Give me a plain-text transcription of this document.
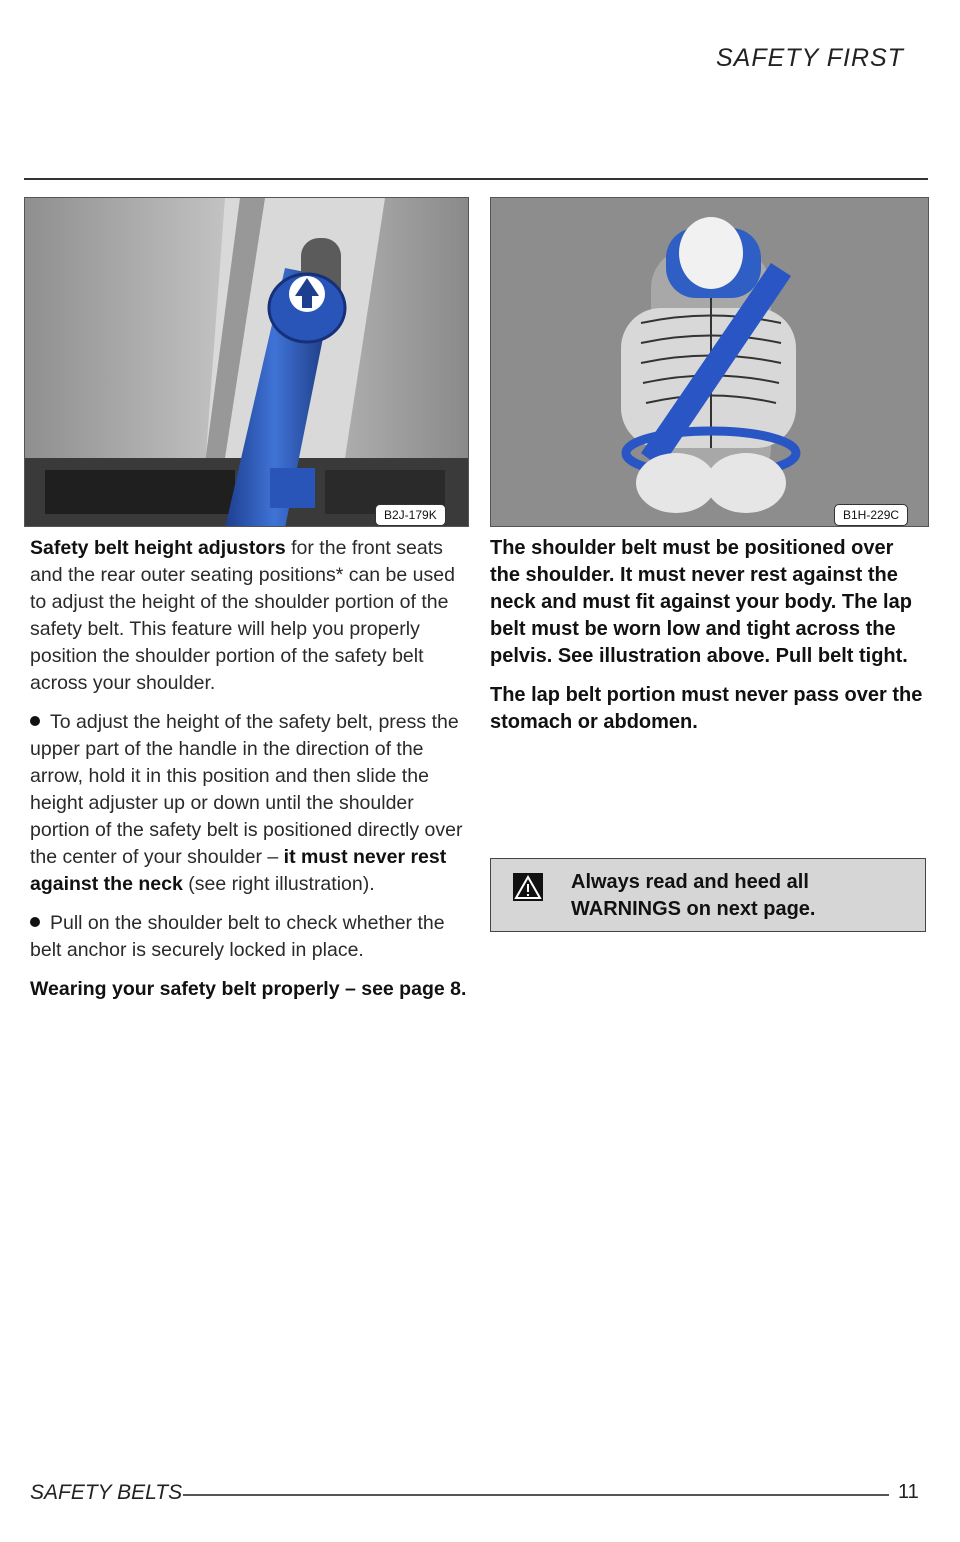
SAFETY FIRST
B2J-179K	B1H-229C

Safety belt height adjustors for the front seats and the rear outer seating positions* can be used to adjust the height of the shoulder portion of the safety belt. This feature will help you properly position the shoulder portion of the safety belt across your shoulder.

To adjust the height of the safety belt, press the upper part of the handle in the direction of the arrow, hold it in this position and then slide the height adjuster up or down until the shoulder portion of the safety belt is positioned directly over the center of your shoulder – it must never rest against the neck (see right illustration).

Pull on the shoulder belt to check whether the belt anchor is securely locked in place.

Wearing your safety belt properly – see page 8.

The shoulder belt must be positioned over the shoulder. It must never rest against the neck and must fit against your body. The lap belt must be worn low and tight across the pelvis. See illustration above. Pull belt tight.

The lap belt portion must never pass over the stomach or abdomen.

Always read and heed all WARNINGS on next page.
SAFETY BELTS	11
